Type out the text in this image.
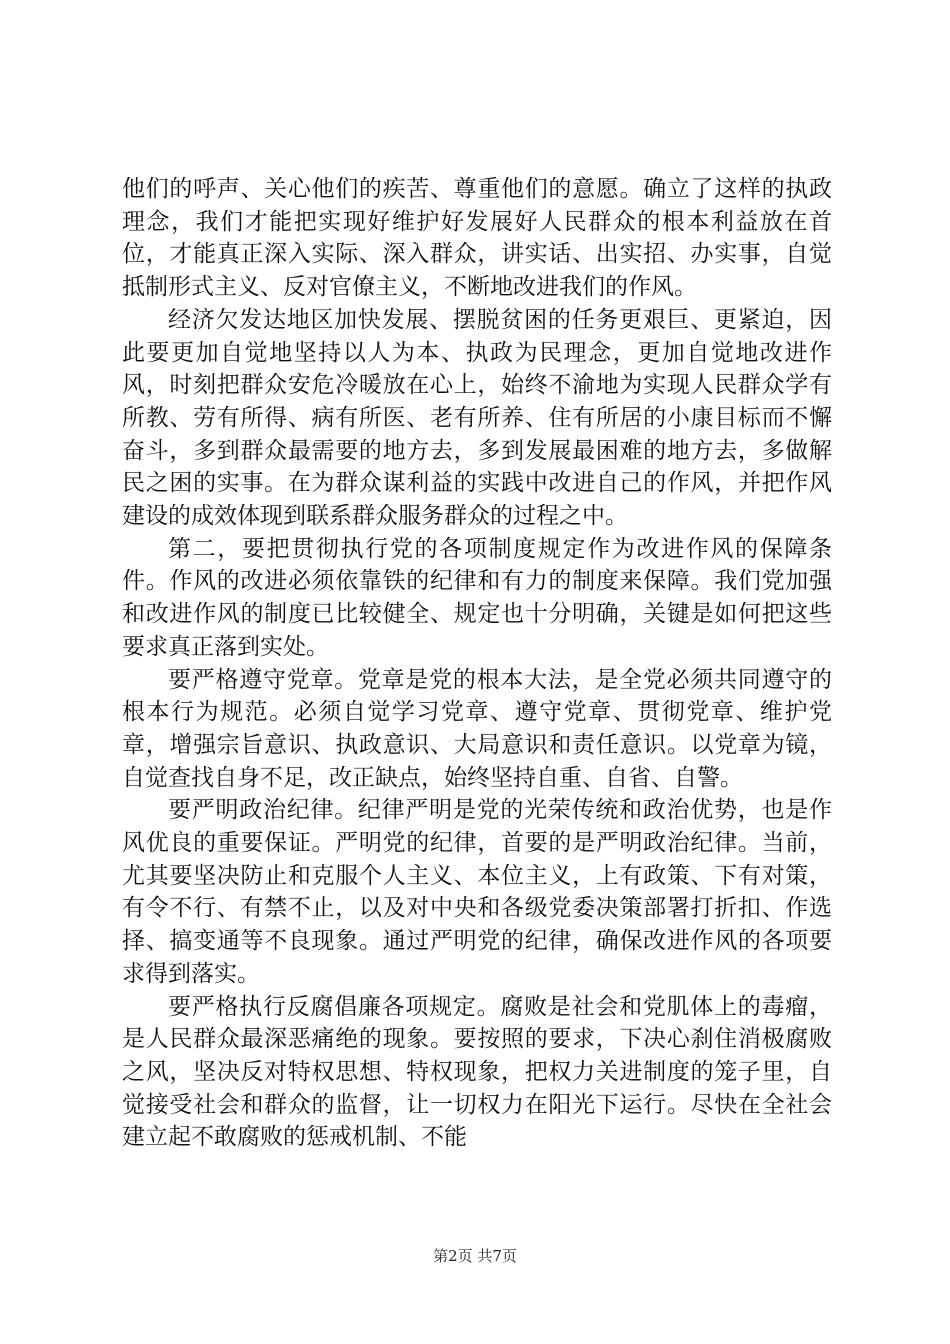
他们的呼声、关心他们的疾苦、尊重他们的意愿。确立了这样的执政理念，我们才能把实现好维护好发展好人民群众的根本利益放在首位，才能真正深入实际、深入群众，讲实话、出实招、办实事，自觉抵制形式主义、反对官僚主义，不断地改进我们的作风。

经济欠发达地区加快发展、摆脱贫困的任务更艰巨、更紧迫，因此要更加自觉地坚持以人为本、执政为民理念，更加自觉地改进作风，时刻把群众安危冷暖放在心上，始终不渝地为实现人民群众学有所教、劳有所得、病有所医、老有所养、住有所居的小康目标而不懈奋斗，多到群众最需要的地方去，多到发展最困难的地方去，多做解民之困的实事。在为群众谋利益的实践中改进自己的作风，并把作风建设的成效体现到联系群众服务群众的过程之中。

第二，要把贯彻执行党的各项制度规定作为改进作风的保障条件。作风的改进必须依靠铁的纪律和有力的制度来保障。我们党加强和改进作风的制度已比较健全、规定也十分明确，关键是如何把这些要求真正落到实处。

要严格遵守党章。党章是党的根本大法，是全党必须共同遵守的根本行为规范。必须自觉学习党章、遵守党章、贯彻党章、维护党章，增强宗旨意识、执政意识、大局意识和责任意识。以党章为镜，自觉查找自身不足，改正缺点，始终坚持自重、自省、自警。

要严明政治纪律。纪律严明是党的光荣传统和政治优势，也是作风优良的重要保证。严明党的纪律，首要的是严明政治纪律。当前，尤其要坚决防止和克服个人主义、本位主义，上有政策、下有对策，有令不行、有禁不止，以及对中央和各级党委决策部署打折扣、作选择、搞变通等不良现象。通过严明党的纪律，确保改进作风的各项要求得到落实。

要严格执行反腐倡廉各项规定。腐败是社会和党肌体上的毒瘤，是人民群众最深恶痛绝的现象。要按照的要求，下决心刹住消极腐败之风，坚决反对特权思想、特权现象，把权力关进制度的笼子里，自觉接受社会和群众的监督，让一切权力在阳光下运行。尽快在全社会建立起不敢腐败的惩戒机制、不能

第2页 共7页
